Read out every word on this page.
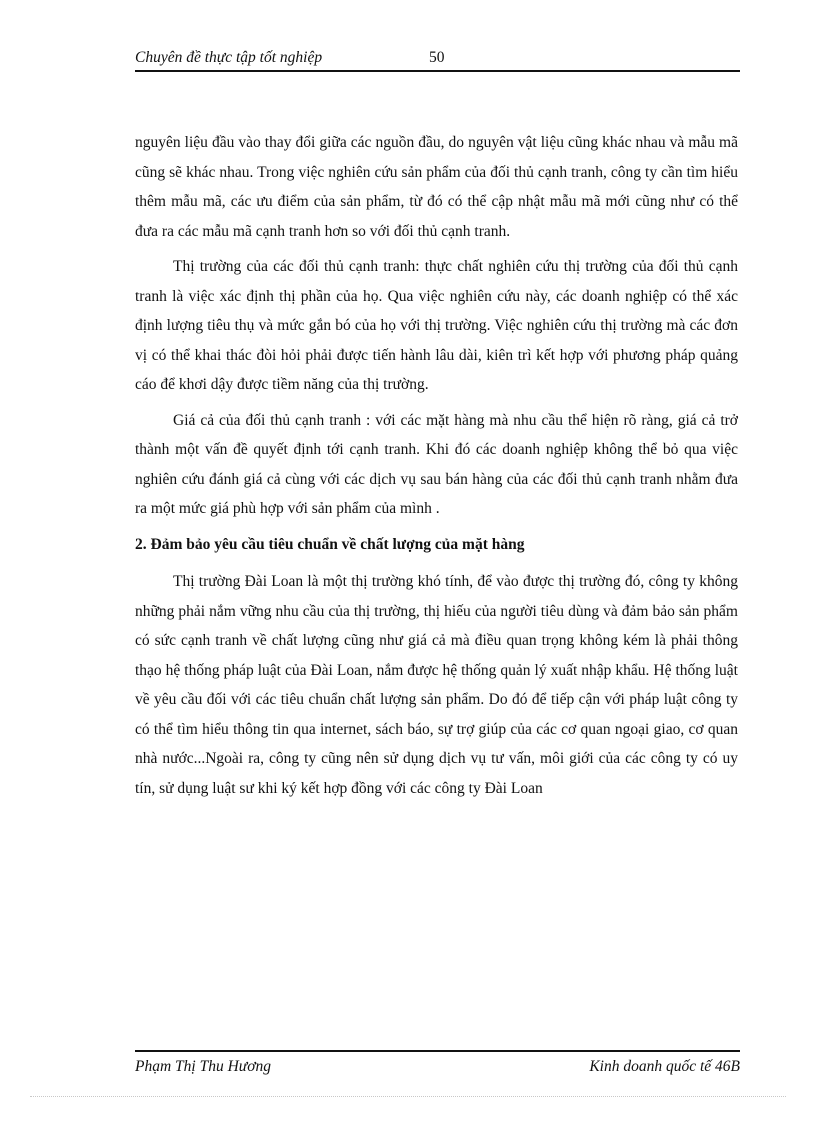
Chuyên đề thực tập tốt nghiệp	50

nguyên liệu đầu vào thay đổi giữa các nguồn đầu, do nguyên vật liệu cũng khác nhau và mẫu mã cũng sẽ khác nhau. Trong việc nghiên cứu sản phẩm của đối thủ cạnh tranh, công ty cần tìm hiểu thêm mẫu mã, các ưu điểm của sản phẩm, từ đó có thể cập nhật mẫu mã mới cũng như có thể đưa ra các mẫu mã cạnh tranh hơn so với đối thủ cạnh tranh.

Thị trường của các đối thủ cạnh tranh: thực chất nghiên cứu thị trường của đối thủ cạnh tranh là việc xác định thị phần của họ. Qua việc nghiên cứu này, các doanh nghiệp có thể xác định lượng tiêu thụ và mức gắn bó của họ với thị trường. Việc nghiên cứu thị trường mà các đơn vị có thể khai thác đòi hỏi phải được tiến hành lâu dài, kiên trì kết hợp với phương pháp quảng cáo để khơi dậy được tiềm năng của thị trường.

Giá cả của đối thủ cạnh tranh : với các mặt hàng mà nhu cầu thể hiện rõ ràng, giá cả trở thành một vấn đề quyết định tới cạnh tranh. Khi đó các doanh nghiệp không thể bỏ qua việc nghiên cứu đánh giá cả cùng với các dịch vụ sau bán hàng của các đối thủ cạnh tranh nhằm đưa ra một mức giá phù hợp với sản phẩm của mình .

2. Đảm bảo yêu cầu tiêu chuẩn về chất lượng của mặt hàng

Thị trường Đài Loan là một thị trường khó tính, để vào được thị trường đó, công ty không những phải nắm vững nhu cầu của thị trường, thị hiếu của người tiêu dùng và đảm bảo sản phẩm có sức cạnh tranh về chất lượng cũng như giá cả mà điều quan trọng không kém là phải thông thạo hệ thống pháp luật của Đài Loan, nắm được hệ thống quản lý xuất nhập khẩu. Hệ thống luật về yêu cầu đối với các tiêu chuẩn chất lượng sản phẩm. Do đó để tiếp cận với pháp luật công ty có thể tìm hiểu thông tin qua internet, sách báo, sự trợ giúp của các cơ quan ngoại giao, cơ quan nhà nước...Ngoài ra, công ty cũng nên sử dụng dịch vụ tư vấn, môi giới của các công ty có uy tín, sử dụng luật sư khi ký kết hợp đồng với các công ty Đài Loan

Phạm Thị Thu Hương	Kinh doanh quốc tế 46B
